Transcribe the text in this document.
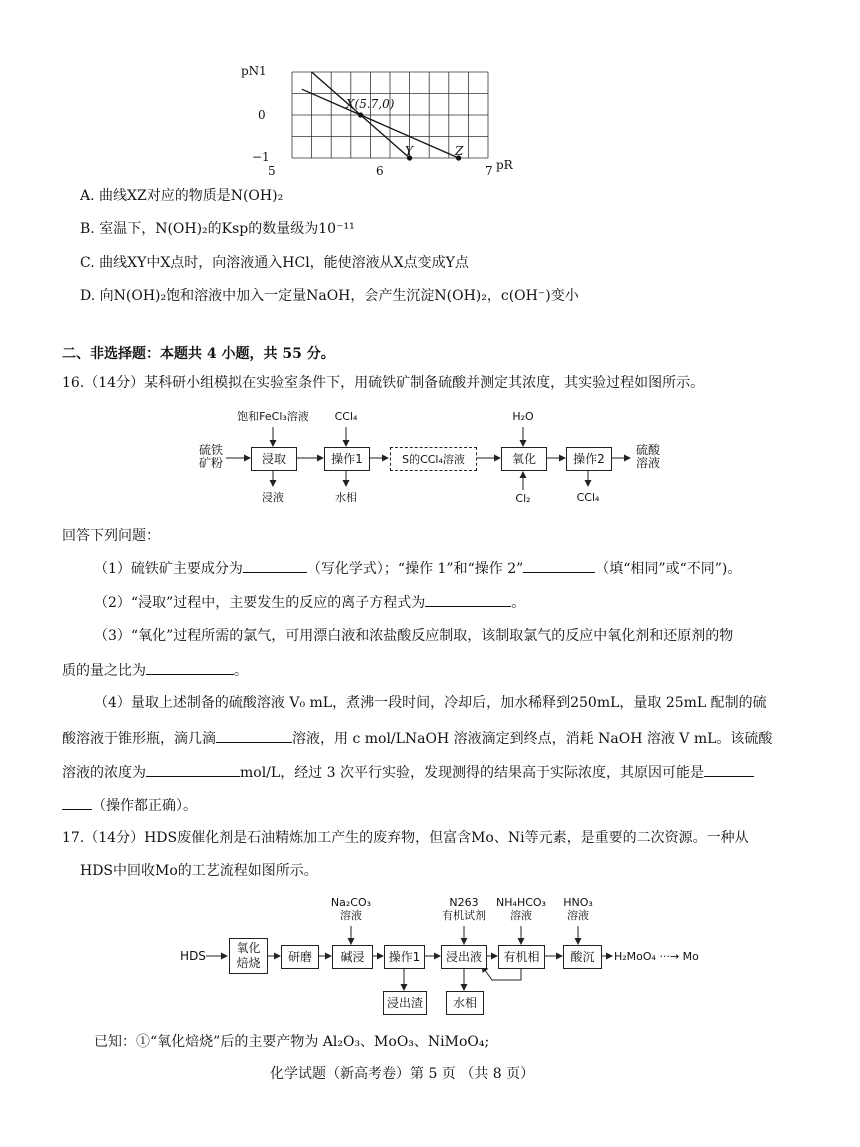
pN 1
0
−1
5	6	7 pR
X(5.7,0)
Y	Z
A. 曲线XZ对应的物质是N(OH)₂
B. 室温下，N(OH)₂的Ksp的数量级为10⁻¹¹
C. 曲线XY中X点时，向溶液通入HCl，能使溶液从X点变成Y点
D. 向N(OH)₂饱和溶液中加入一定量NaOH，会产生沉淀N(OH)₂，c(OH⁻)变小
二、非选择题：本题共 4 小题，共 55 分。
16.（14分）某科研小组模拟在实验室条件下，用硫铁矿制备硫酸并测定其浓度，其实验过程如图所示。
硫铁
矿粉
饱和FeCl₃溶液
浸取
浸液
CCl₄
操作1
水相
S的CCl₄溶液
H₂O
氧化
Cl₂
操作2
CCl₄
硫酸
溶液
回答下列问题：
（1）硫铁矿主要成分为	（写化学式）；“操作 1”和“操作 2”	（填“相同”或“不同”)。
（2）“浸取”过程中，主要发生的反应的离子方程式为	。
（3）“氧化”过程所需的氯气，可用漂白液和浓盐酸反应制取，该制取氯气的反应中氧化剂和还原剂的物
质的量之比为	。
（4）量取上述制备的硫酸溶液 V₀ mL，煮沸一段时间，冷却后，加水稀释到250mL，量取 25mL 配制的硫
酸溶液于锥形瓶，滴几滴	溶液，用 c mol/LNaOH 溶液滴定到终点，消耗 NaOH 溶液 V mL。该硫酸
溶液的浓度为	mol/L，经过 3 次平行实验，发现测得的结果高于实际浓度，其原因可能是
（操作都正确）。
17.（14分）HDS废催化剂是石油精炼加工产生的废弃物，但富含Mo、Ni等元素，是重要的二次资源。一种从
HDS中回收Mo的工艺流程如图所示。
HDS
氧化
焙烧	研磨
Na₂CO₃
溶液
碱浸	操作1
浸出渣
N263
有机试剂
浸出液
NH₄HCO₃
溶液
有机相
水相
HNO₃
溶液
酸沉	H₂MoO₄ ···→ Mo
已知：①“氧化焙烧”后的主要产物为 Al₂O₃、MoO₃、NiMoO₄;
化学试题（新高考卷）第 5 页 （共 8 页）
